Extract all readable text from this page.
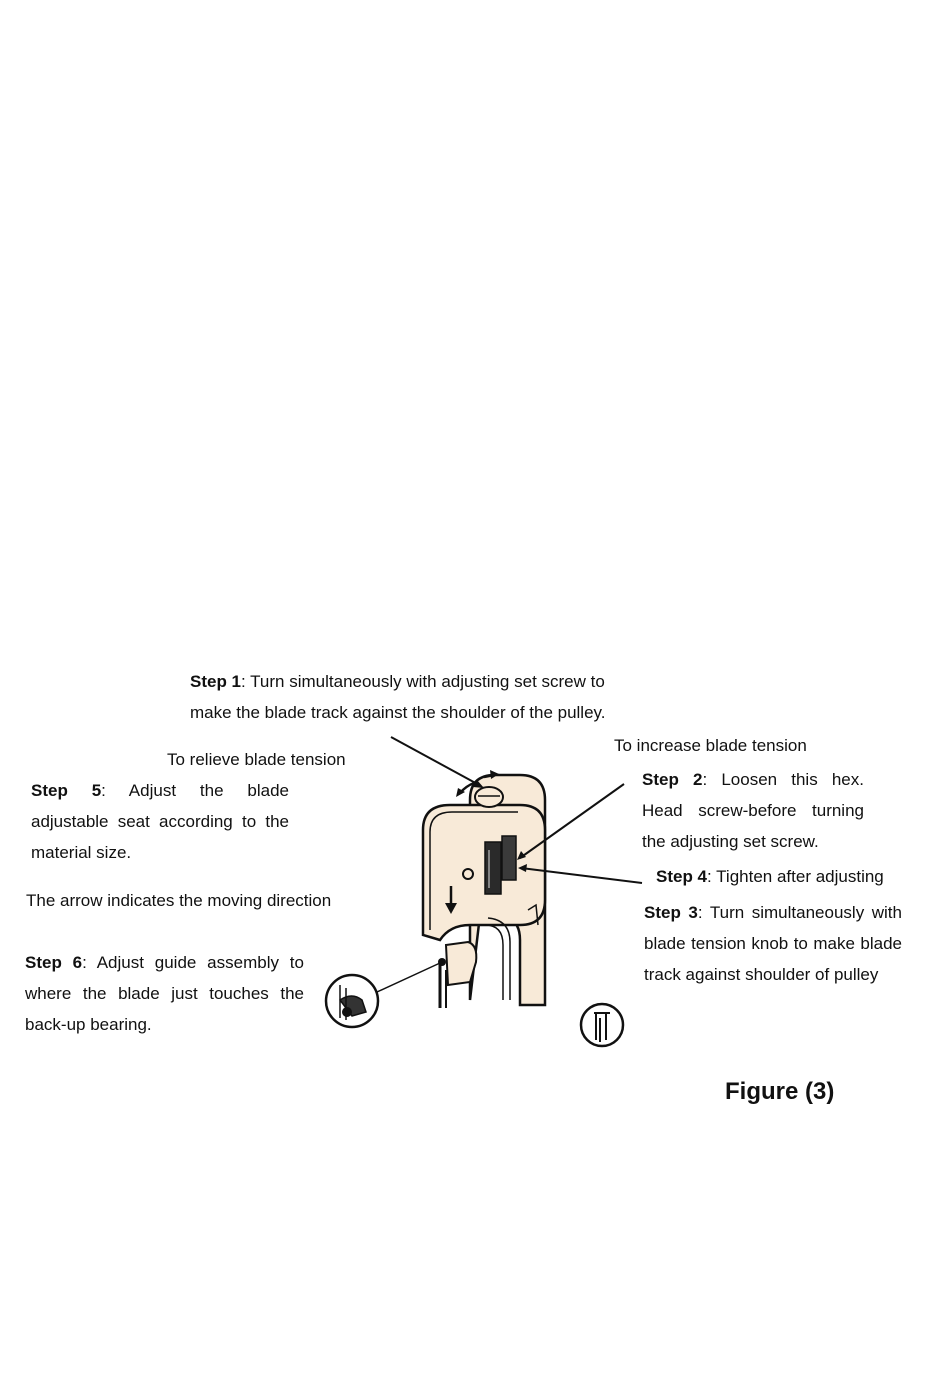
Step 1: Turn simultaneously with adjusting set screw to make the blade track against the shoulder of the pulley.
To relieve blade tension
To increase blade tension
Step 5: Adjust the blade adjustable seat according to the material size.
Step 2: Loosen this hex. Head screw-before turning the adjusting set screw.
The arrow indicates the moving direction
Step 4: Tighten after adjusting
Step 3: Turn simultaneously with blade tension knob to make blade track against shoulder of pulley
Step 6: Adjust guide assembly to where the blade just touches the back-up bearing.
Figure (3)
